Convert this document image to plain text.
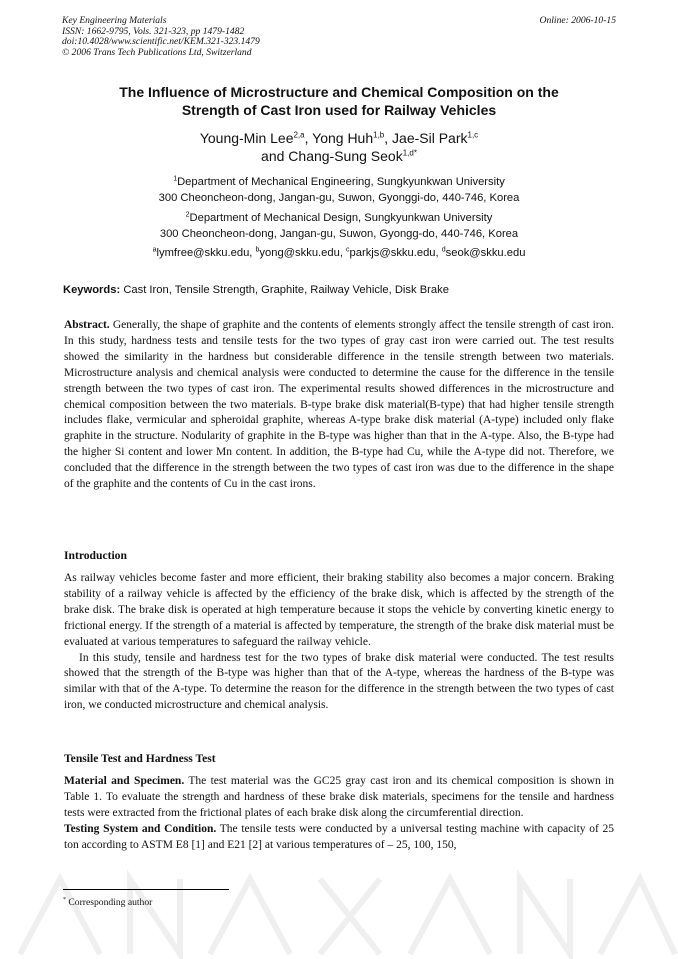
Key Engineering Materials
ISSN: 1662-9795, Vols. 321-323, pp 1479-1482
doi:10.4028/www.scientific.net/KEM.321-323.1479
© 2006 Trans Tech Publications Ltd, Switzerland
Online: 2006-10-15
The Influence of Microstructure and Chemical Composition on the
Strength of Cast Iron used for Railway Vehicles
Young-Min Lee$^{2,a}$, Yong Huh$^{1,b}$, Jae-Sil Park$^{1,c}$
and Chang-Sung Seok$^{1,d*}$
$^1$Department of Mechanical Engineering, Sungkyunkwan University
300 Cheoncheon-dong, Jangan-gu, Suwon, Gyonggi-do, 440-746, Korea
$^2$Department of Mechanical Design, Sungkyunkwan University
300 Cheoncheon-dong, Jangan-gu, Suwon, Gyongg-do, 440-746, Korea
$^a$lymfree@skku.edu, $^b$yong@skku.edu, $^c$parkjs@skku.edu, $^d$seok@skku.edu
Keywords: Cast Iron, Tensile Strength, Graphite, Railway Vehicle, Disk Brake
Abstract. Generally, the shape of graphite and the contents of elements strongly affect the tensile strength of cast iron. In this study, hardness tests and tensile tests for the two types of gray cast iron were carried out. The test results showed the similarity in the hardness but considerable difference in the tensile strength between two materials. Microstructure analysis and chemical analysis were conducted to determine the cause for the difference in the tensile strength between the two types of cast iron. The experimental results showed differences in the microstructure and chemical composition between the two materials. B-type brake disk material(B-type) that had higher tensile strength includes flake, vermicular and spheroidal graphite, whereas A-type brake disk material (A-type) included only flake graphite in the structure. Nodularity of graphite in the B-type was higher than that in the A-type. Also, the B-type had the higher Si content and lower Mn content. In addition, the B-type had Cu, while the A-type did not. Therefore, we concluded that the difference in the strength between the two types of cast iron was due to the difference in the shape of the graphite and the contents of Cu in the cast irons.
Introduction

As railway vehicles become faster and more efficient, their braking stability also becomes a major concern. Braking stability of a railway vehicle is affected by the efficiency of the brake disk, which is affected by the strength of the brake disk. The brake disk is operated at high temperature because it stops the vehicle by converting kinetic energy to frictional energy. If the strength of a material is affected by temperature, the strength of the brake disk material must be evaluated at various temperatures to safeguard the railway vehicle.

In this study, tensile and hardness test for the two types of brake disk material were conducted. The test results showed that the strength of the B-type was higher than that of the A-type, whereas the hardness of the B-type was similar with that of the A-type. To determine the reason for the difference in the strength between the two types of cast iron, we conducted microstructure and chemical analysis.

Tensile Test and Hardness Test

Material and Specimen. The test material was the GC25 gray cast iron and its chemical composition is shown in Table 1. To evaluate the strength and hardness of these brake disk materials, specimens for the tensile and hardness tests were extracted from the frictional plates of each brake disk along the circumferential direction.

Testing System and Condition. The tensile tests were conducted by a universal testing machine with capacity of 25 ton according to ASTM E8 [1] and E21 [2] at various temperatures of – 25, 100, 150,

* Corresponding author
